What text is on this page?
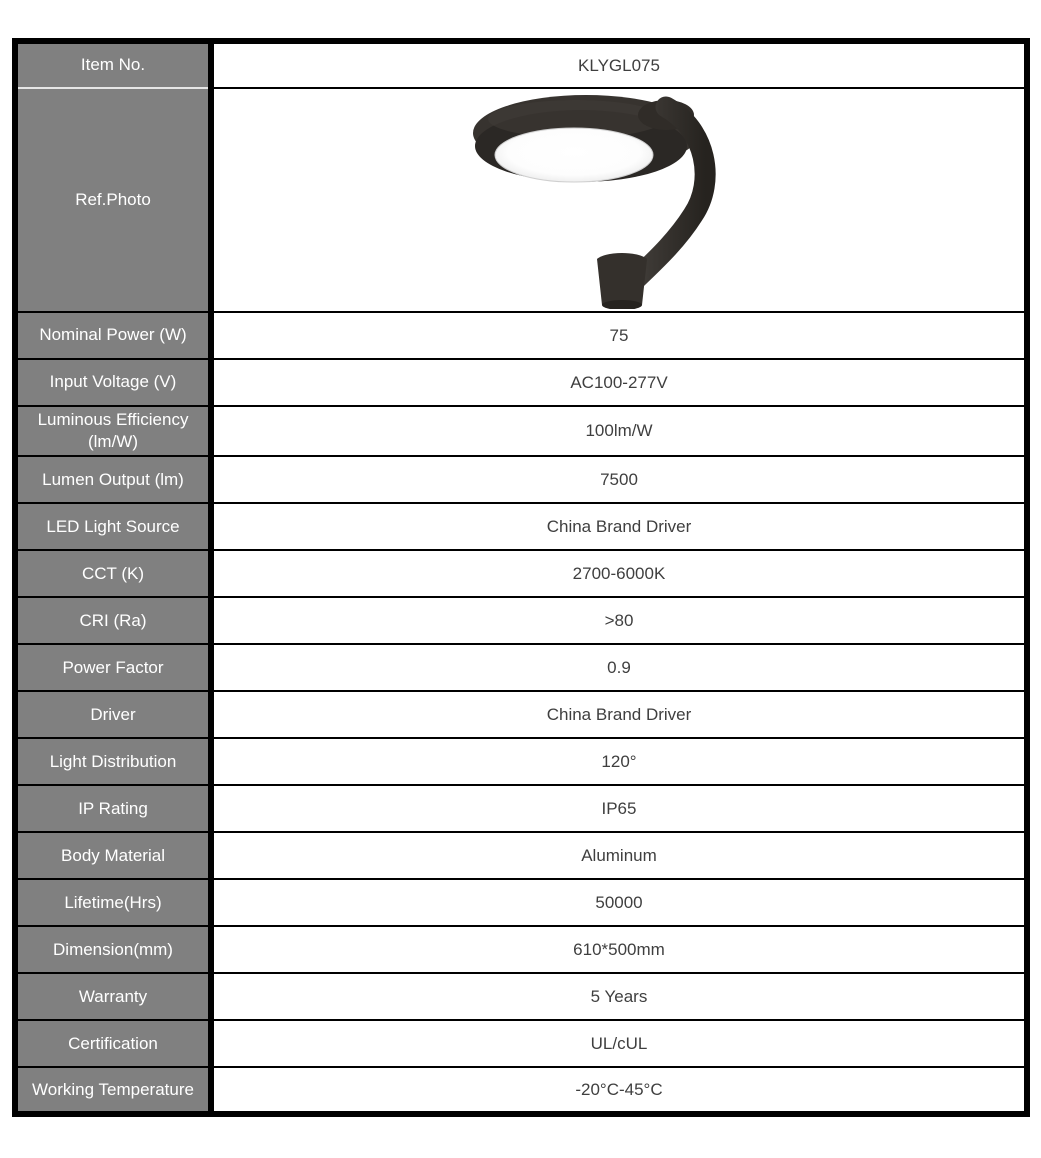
Item No.	KLYGL075
Ref.Photo	

Nominal Power (W)	75
Input Voltage (V)	AC100-277V
Luminous Efficiency (lm/W)	100lm/W
Lumen Output (lm)	7500
LED Light Source	China Brand Driver
CCT (K)	2700-6000K
CRI (Ra)	>80
Power Factor	0.9
Driver	China Brand Driver
Light Distribution	120°
IP Rating	IP65
Body Material	Aluminum
Lifetime(Hrs)	50000
Dimension(mm)	610*500mm
Warranty	5 Years
Certification	UL/cUL
Working Temperature	-20°C-45°C
